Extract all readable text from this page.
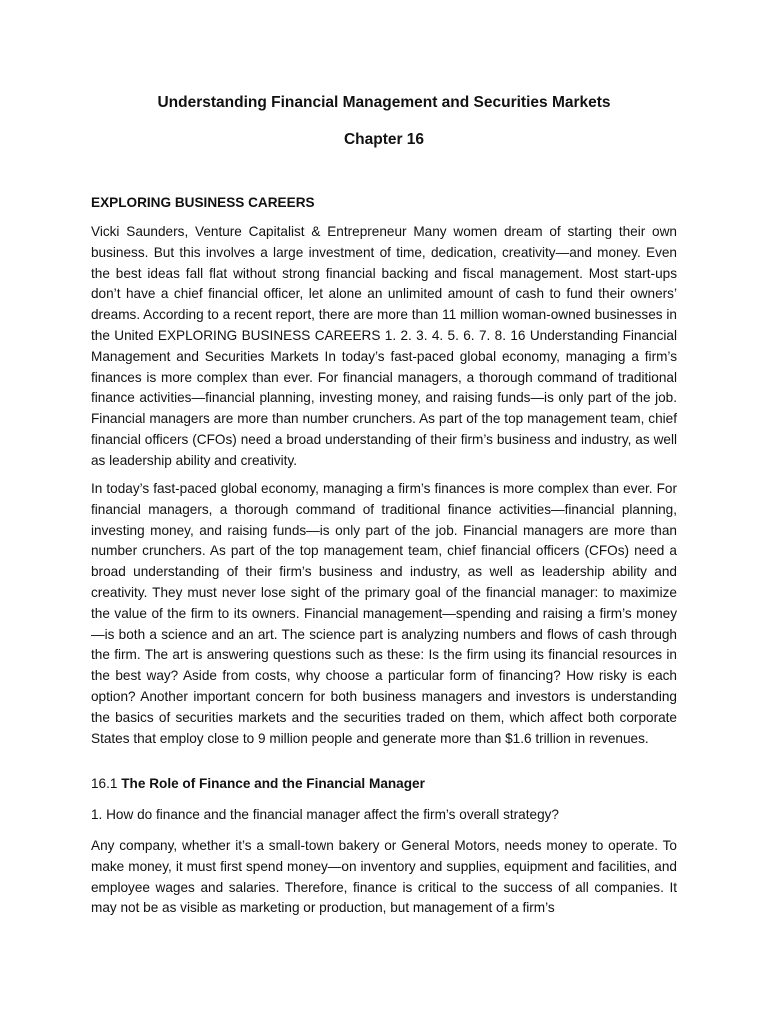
Understanding Financial Management and Securities Markets
Chapter 16
EXPLORING BUSINESS CAREERS

Vicki Saunders, Venture Capitalist & Entrepreneur Many women dream of starting their own business. But this involves a large investment of time, dedication, creativity—and money. Even the best ideas fall flat without strong financial backing and fiscal management. Most start-ups don’t have a chief financial officer, let alone an unlimited amount of cash to fund their owners’ dreams. According to a recent report, there are more than 11 million woman-owned businesses in the United EXPLORING BUSINESS CAREERS 1. 2. 3. 4. 5. 6. 7. 8. 16 Understanding Financial Management and Securities Markets In today’s fast-paced global economy, managing a firm’s finances is more complex than ever. For financial managers, a thorough command of traditional finance activities—financial planning, investing money, and raising funds—is only part of the job. Financial managers are more than number crunchers. As part of the top management team, chief financial officers (CFOs) need a broad understanding of their firm’s business and industry, as well as leadership ability and creativity.

In today’s fast-paced global economy, managing a firm’s finances is more complex than ever. For financial managers, a thorough command of traditional finance activities—financial planning, investing money, and raising funds—is only part of the job. Financial managers are more than number crunchers. As part of the top management team, chief financial officers (CFOs) need a broad understanding of their firm’s business and industry, as well as leadership ability and creativity. They must never lose sight of the primary goal of the financial manager: to maximize the value of the firm to its owners. Financial management—spending and raising a firm’s money—is both a science and an art. The science part is analyzing numbers and flows of cash through the firm. The art is answering questions such as these: Is the firm using its financial resources in the best way? Aside from costs, why choose a particular form of financing? How risky is each option? Another important concern for both business managers and investors is understanding the basics of securities markets and the securities traded on them, which affect both corporate States that employ close to 9 million people and generate more than $1.6 trillion in revenues.

16.1 The Role of Finance and the Financial Manager

1. How do finance and the financial manager affect the firm’s overall strategy?

Any company, whether it’s a small-town bakery or General Motors, needs money to operate. To make money, it must first spend money—on inventory and supplies, equipment and facilities, and employee wages and salaries. Therefore, finance is critical to the success of all companies. It may not be as visible as marketing or production, but management of a firm’s
